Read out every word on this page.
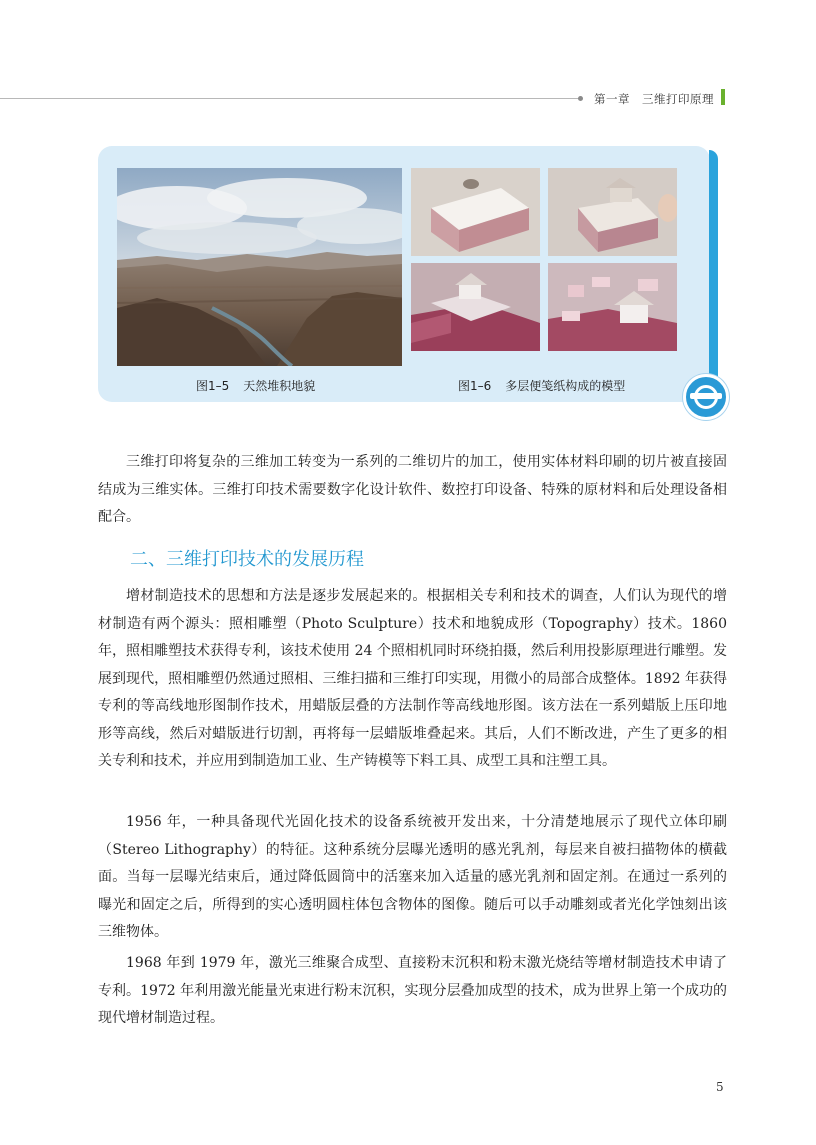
第一章　三维打印原理
图1–5 天然堆积地貌	图1–6 多层便笺纸构成的模型

三维打印将复杂的三维加工转变为一系列的二维切片的加工，使用实体材料印刷的切片被直接固结成为三维实体。三维打印技术需要数字化设计软件、数控打印设备、特殊的原材料和后处理设备相配合。

二、三维打印技术的发展历程

增材制造技术的思想和方法是逐步发展起来的。根据相关专利和技术的调查，人们认为现代的增材制造有两个源头：照相雕塑（Photo Sculpture）技术和地貌成形（Topography）技术。1860 年，照相雕塑技术获得专利，该技术使用 24 个照相机同时环绕拍摄，然后利用投影原理进行雕塑。发展到现代，照相雕塑仍然通过照相、三维扫描和三维打印实现，用微小的局部合成整体。1892 年获得专利的等高线地形图制作技术，用蜡版层叠的方法制作等高线地形图。该方法在一系列蜡版上压印地形等高线，然后对蜡版进行切割，再将每一层蜡版堆叠起来。其后，人们不断改进，产生了更多的相关专利和技术，并应用到制造加工业、生产铸模等下料工具、成型工具和注塑工具。

1956 年，一种具备现代光固化技术的设备系统被开发出来，十分清楚地展示了现代立体印刷（Stereo Lithography）的特征。这种系统分层曝光透明的感光乳剂，每层来自被扫描物体的横截面。当每一层曝光结束后，通过降低圆筒中的活塞来加入适量的感光乳剂和固定剂。在通过一系列的曝光和固定之后，所得到的实心透明圆柱体包含物体的图像。随后可以手动雕刻或者光化学蚀刻出该三维物体。

1968 年到 1979 年，激光三维聚合成型、直接粉末沉积和粉末激光烧结等增材制造技术申请了专利。1972 年利用激光能量光束进行粉末沉积，实现分层叠加成型的技术，成为世界上第一个成功的现代增材制造过程。

5
